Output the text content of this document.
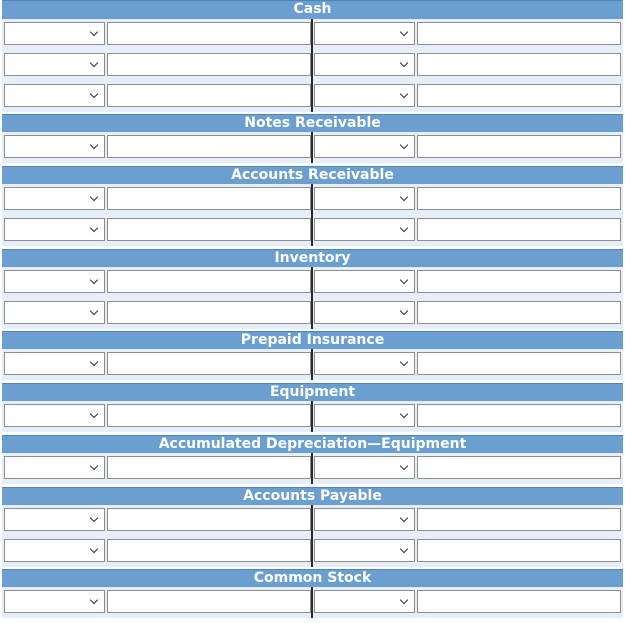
Cash
Notes Receivable
Accounts Receivable
Inventory
Prepaid Insurance
Equipment
Accumulated Depreciation—Equipment
Accounts Payable
Common Stock
